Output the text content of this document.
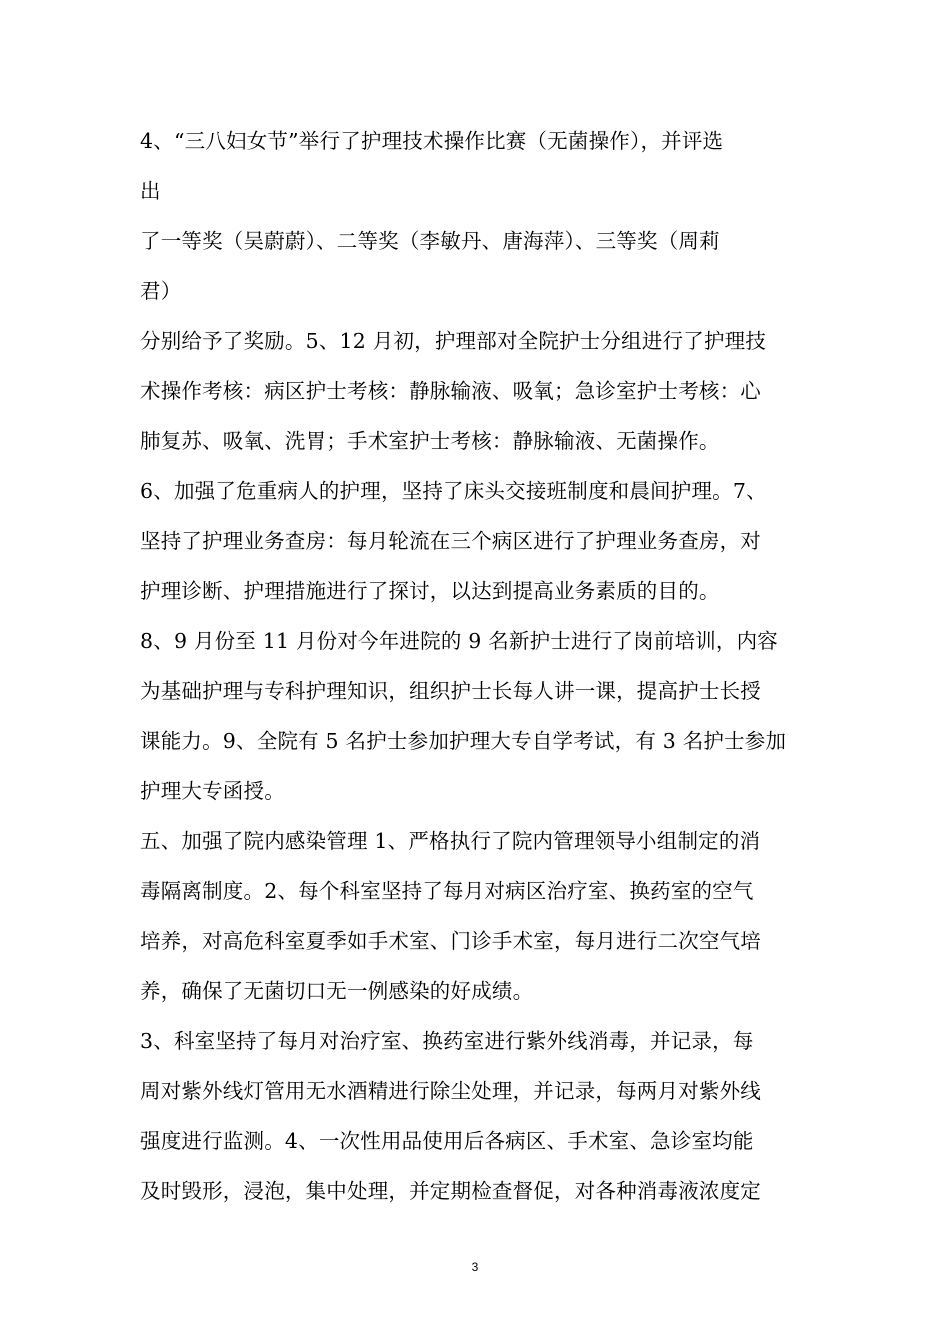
4、“三八妇女节”举行了护理技术操作比赛（无菌操作），并评选
出
了一等奖（吴蔚蔚）、二等奖（李敏丹、唐海萍）、三等奖（周莉
君）
分别给予了奖励。5、12 月初，护理部对全院护士分组进行了护理技
术操作考核：病区护士考核：静脉输液、吸氧；急诊室护士考核：心
肺复苏、吸氧、洗胃；手术室护士考核：静脉输液、无菌操作。
6、加强了危重病人的护理，坚持了床头交接班制度和晨间护理。7、
坚持了护理业务查房：每月轮流在三个病区进行了护理业务查房，对
护理诊断、护理措施进行了探讨，以达到提高业务素质的目的。
8、9 月份至 11 月份对今年进院的 9 名新护士进行了岗前培训，内容
为基础护理与专科护理知识，组织护士长每人讲一课，提高护士长授
课能力。9、全院有 5 名护士参加护理大专自学考试，有 3 名护士参加
护理大专函授。
五、加强了院内感染管理 1、严格执行了院内管理领导小组制定的消
毒隔离制度。2、每个科室坚持了每月对病区治疗室、换药室的空气
培养，对高危科室夏季如手术室、门诊手术室，每月进行二次空气培
养，确保了无菌切口无一例感染的好成绩。
3、科室坚持了每月对治疗室、换药室进行紫外线消毒，并记录，每
周对紫外线灯管用无水酒精进行除尘处理，并记录，每两月对紫外线
强度进行监测。4、一次性用品使用后各病区、手术室、急诊室均能
及时毁形，浸泡，集中处理，并定期检查督促，对各种消毒液浓度定
3
